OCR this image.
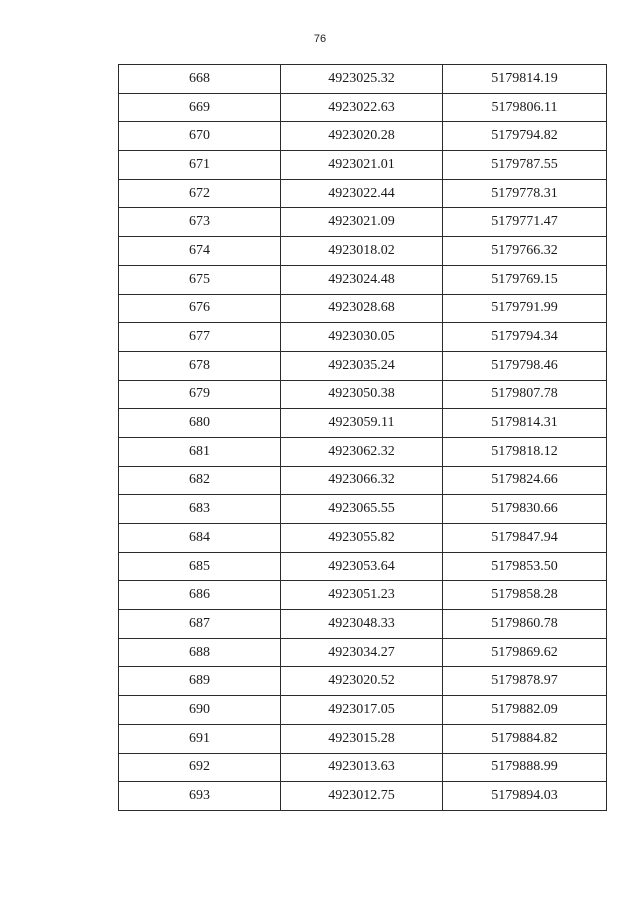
76
668	4923025.32	5179814.19
669	4923022.63	5179806.11
670	4923020.28	5179794.82
671	4923021.01	5179787.55
672	4923022.44	5179778.31
673	4923021.09	5179771.47
674	4923018.02	5179766.32
675	4923024.48	5179769.15
676	4923028.68	5179791.99
677	4923030.05	5179794.34
678	4923035.24	5179798.46
679	4923050.38	5179807.78
680	4923059.11	5179814.31
681	4923062.32	5179818.12
682	4923066.32	5179824.66
683	4923065.55	5179830.66
684	4923055.82	5179847.94
685	4923053.64	5179853.50
686	4923051.23	5179858.28
687	4923048.33	5179860.78
688	4923034.27	5179869.62
689	4923020.52	5179878.97
690	4923017.05	5179882.09
691	4923015.28	5179884.82
692	4923013.63	5179888.99
693	4923012.75	5179894.03
